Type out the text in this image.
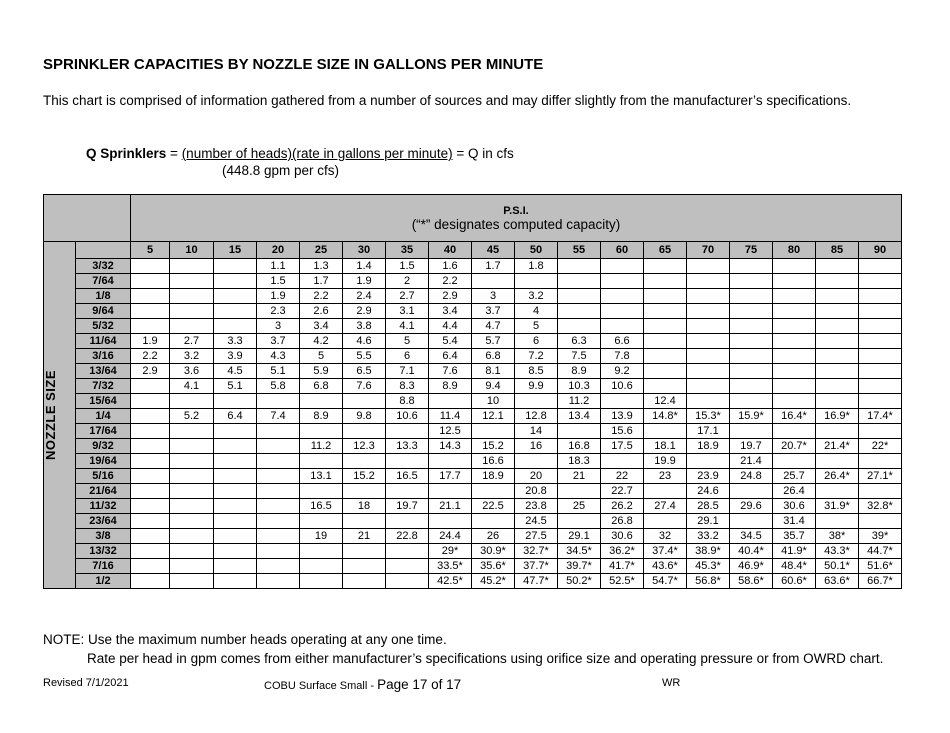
SPRINKLER CAPACITIES BY NOZZLE SIZE IN GALLONS PER MINUTE
This chart is comprised of information gathered from a number of sources and may differ slightly from the manufacturer’s specifications.
Q Sprinklers = (number of heads)(rate in gallons per minute) = Q in cfs
(448.8 gpm per cfs)

		P.S.I.
(“*” designates computed capacity)																	

NOZZLE SIZE		5	10	15	20	25	30	35	40	45	50	55	60	65	70	75	80	85	90
	3/32				1.1	1.3	1.4	1.5	1.6	1.7	1.8								
	7/64				1.5	1.7	1.9	2	2.2										
	1/8				1.9	2.2	2.4	2.7	2.9	3	3.2								
	9/64				2.3	2.6	2.9	3.1	3.4	3.7	4								
	5/32				3	3.4	3.8	4.1	4.4	4.7	5								
	11/64	1.9	2.7	3.3	3.7	4.2	4.6	5	5.4	5.7	6	6.3	6.6						
	3/16	2.2	3.2	3.9	4.3	5	5.5	6	6.4	6.8	7.2	7.5	7.8						
	13/64	2.9	3.6	4.5	5.1	5.9	6.5	7.1	7.6	8.1	8.5	8.9	9.2						
	7/32		4.1	5.1	5.8	6.8	7.6	8.3	8.9	9.4	9.9	10.3	10.6						
	15/64							8.8		10		11.2		12.4					
	1/4		5.2	6.4	7.4	8.9	9.8	10.6	11.4	12.1	12.8	13.4	13.9	14.8*	15.3*	15.9*	16.4*	16.9*	17.4*
	17/64								12.5		14		15.6		17.1				
	9/32					11.2	12.3	13.3	14.3	15.2	16	16.8	17.5	18.1	18.9	19.7	20.7*	21.4*	22*
	19/64									16.6		18.3		19.9		21.4			
	5/16					13.1	15.2	16.5	17.7	18.9	20	21	22	23	23.9	24.8	25.7	26.4*	27.1*
	21/64										20.8		22.7		24.6		26.4		
	11/32					16.5	18	19.7	21.1	22.5	23.8	25	26.2	27.4	28.5	29.6	30.6	31.9*	32.8*
	23/64										24.5		26.8		29.1		31.4		
	3/8					19	21	22.8	24.4	26	27.5	29.1	30.6	32	33.2	34.5	35.7	38*	39*
	13/32								29*	30.9*	32.7*	34.5*	36.2*	37.4*	38.9*	40.4*	41.9*	43.3*	44.7*
	7/16								33.5*	35.6*	37.7*	39.7*	41.7*	43.6*	45.3*	46.9*	48.4*	50.1*	51.6*
	1/2								42.5*	45.2*	47.7*	50.2*	52.5*	54.7*	56.8*	58.6*	60.6*	63.6*	66.7*
NOTE: Use the maximum number heads operating at any one time.
Rate per head in gpm comes from either manufacturer’s specifications using orifice size and operating pressure or from OWRD chart.
Revised 7/1/2021	COBU Surface Small - Page 17 of 17	WR
